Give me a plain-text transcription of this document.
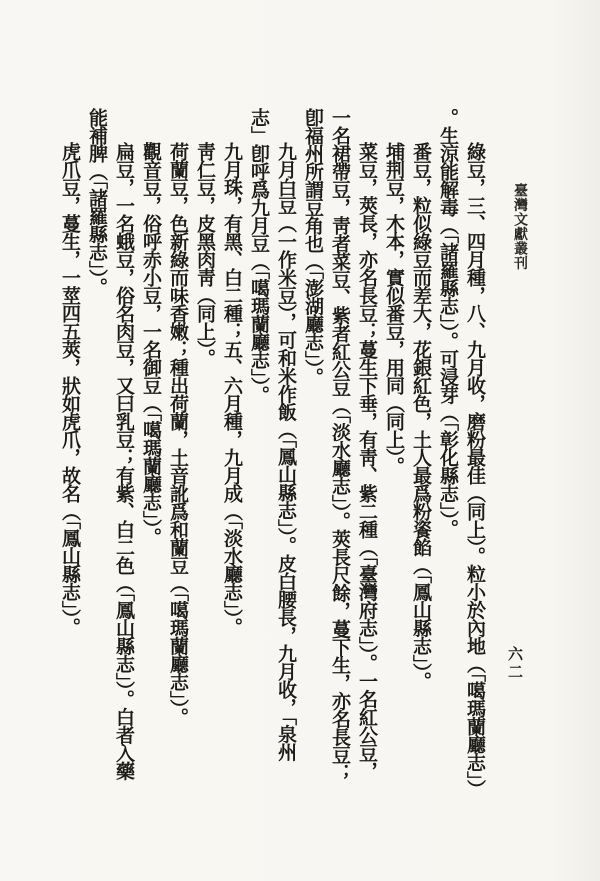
臺灣文獻叢刊
六二
綠豆，三、四月種，八、九月收，磨粉最佳（同上）。粒小於內地（「噶瑪蘭廳志」）
。生涼能解毒（「諸羅縣志」）。可浸芽（「彰化縣志」）。
番豆，粒似綠豆而差大，花銀紅色，土人最爲粉餈餡（「鳳山縣志」）。
埔荆豆，木本，實似番豆，用同（同上）。
菜豆，莢長，亦名長豆；蔓生下垂，有靑、紫二種（「臺灣府志」）。一名紅公豆，
一名裙帶豆，靑者菜豆、紫者紅公豆（「淡水廳志」）。莢長尺餘，蔓下生，亦名長豆；
卽福州所謂豆角也（「澎湖廳志」）。
九月白豆（一作米豆），可和米作飯（「鳳山縣志」）。皮白腰長，九月收，「泉州
志」卽呼爲九月豆（「噶瑪蘭廳志」）。
九月珠，有黑、白二種；五、六月種，九月成（「淡水廳志」）。
靑仁豆，皮黑肉靑（同上）。
荷蘭豆，色新綠而味香嫩；種出荷蘭，土音訛爲和蘭豆（「噶瑪蘭廳志」）。
觀音豆，俗呼赤小豆，一名御豆（「噶瑪蘭廳志」）。
扁豆，一名蛾豆，俗名肉豆，又曰乳豆；有紫、白二色（「鳳山縣志」）。白者入藥
能補脾（「諸羅縣志」）。
虎爪豆，蔓生，一莖四五莢，狀如虎爪，故名（「鳳山縣志」）。
